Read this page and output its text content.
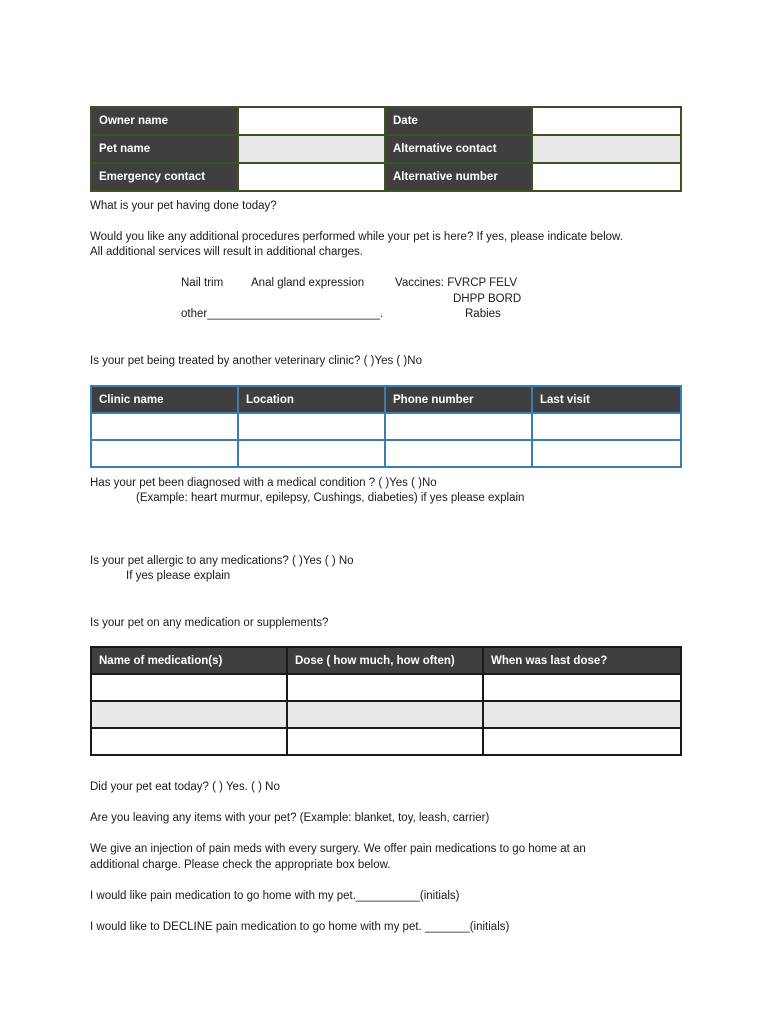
Owner name		Date	
Pet name		Alternative contact	
Emergency contact		Alternative number	
What is your pet having done today?
Would you like any additional procedures performed while your pet is here? If yes, please indicate below.
All additional services will result in additional charges.
Nail trim Anal gland expression	Vaccines: FVRCP FELV
DHPP BORD
other___________________________.	Rabies
Is your pet being treated by another veterinary clinic? ( )Yes ( )No
Clinic name	Location	Phone number	Last visit

Has your pet been diagnosed with a medical condition ? ( )Yes ( )No
(Example: heart murmur, epilepsy, Cushings, diabeties) if yes please explain
Is your pet allergic to any medications? ( )Yes ( ) No
If yes please explain
Is your pet on any medication or supplements?
Name of medication(s)	Dose ( how much, how often)	When was last dose?

Did your pet eat today? ( ) Yes. ( ) No
Are you leaving any items with your pet? (Example: blanket, toy, leash, carrier)
We give an injection of pain meds with every surgery. We offer pain medications to go home at an
additional charge. Please check the appropriate box below.
I would like pain medication to go home with my pet.__________(initials)
I would like to DECLINE pain medication to go home with my pet. _______(initials)
